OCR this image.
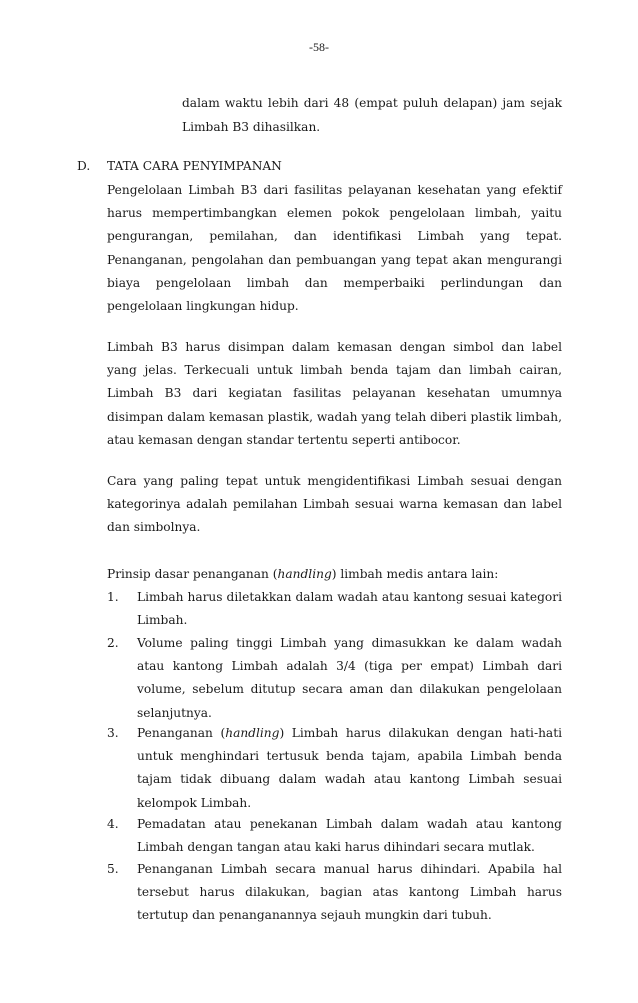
-58-
dalam waktu lebih dari 48 (empat puluh delapan) jam sejak Limbah B3 dihasilkan.
D. TATA CARA PENYIMPANAN
Pengelolaan Limbah B3 dari fasilitas pelayanan kesehatan yang efektif harus mempertimbangkan elemen pokok pengelolaan limbah, yaitu pengurangan, pemilahan, dan identifikasi Limbah yang tepat. Penanganan, pengolahan dan pembuangan yang tepat akan mengurangi biaya pengelolaan limbah dan memperbaiki perlindungan dan pengelolaan lingkungan hidup.
Limbah B3 harus disimpan dalam kemasan dengan simbol dan label yang jelas. Terkecuali untuk limbah benda tajam dan limbah cairan, Limbah B3 dari kegiatan fasilitas pelayanan kesehatan umumnya disimpan dalam kemasan plastik, wadah yang telah diberi plastik limbah, atau kemasan dengan standar tertentu seperti antibocor.
Cara yang paling tepat untuk mengidentifikasi Limbah sesuai dengan kategorinya adalah pemilahan Limbah sesuai warna kemasan dan label dan simbolnya.
Prinsip dasar penanganan (handling) limbah medis antara lain:
1. Limbah harus diletakkan dalam wadah atau kantong sesuai kategori Limbah.
2. Volume paling tinggi Limbah yang dimasukkan ke dalam wadah atau kantong Limbah adalah 3/4 (tiga per empat) Limbah dari volume, sebelum ditutup secara aman dan dilakukan pengelolaan selanjutnya.
3. Penanganan (handling) Limbah harus dilakukan dengan hati-hati untuk menghindari tertusuk benda tajam, apabila Limbah benda tajam tidak dibuang dalam wadah atau kantong Limbah sesuai kelompok Limbah.
4. Pemadatan atau penekanan Limbah dalam wadah atau kantong Limbah dengan tangan atau kaki harus dihindari secara mutlak.
5. Penanganan Limbah secara manual harus dihindari. Apabila hal tersebut harus dilakukan, bagian atas kantong Limbah harus tertutup dan penanganannya sejauh mungkin dari tubuh.
